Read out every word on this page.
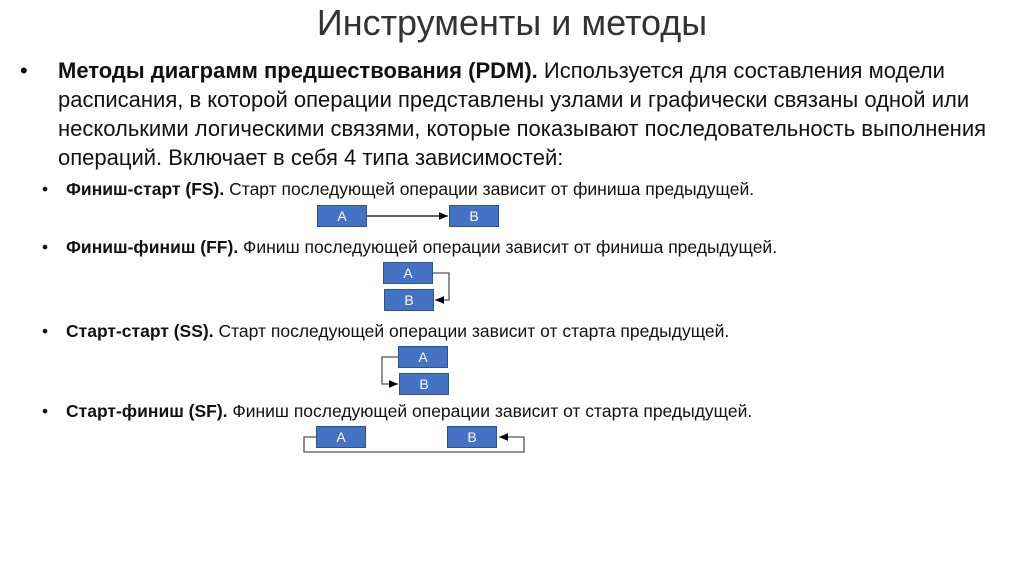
Инструменты и методы
• Методы диаграмм предшествования (PDM). Используется для составления модели расписания, в которой операции представлены узлами и графически связаны одной или несколькими логическими связями, которые показывают последовательность выполнения операций. Включает в себя 4 типа зависимостей:
• Финиш-старт (FS). Старт последующей операции зависит от финиша предыдущей.
A	B
• Финиш-финиш (FF). Финиш последующей операции зависит от финиша предыдущей.
A
B
• Старт-старт (SS). Старт последующей операции зависит от старта предыдущей.
A
B
• Старт-финиш (SF). Финиш последующей операции зависит от старта предыдущей.
A	B
